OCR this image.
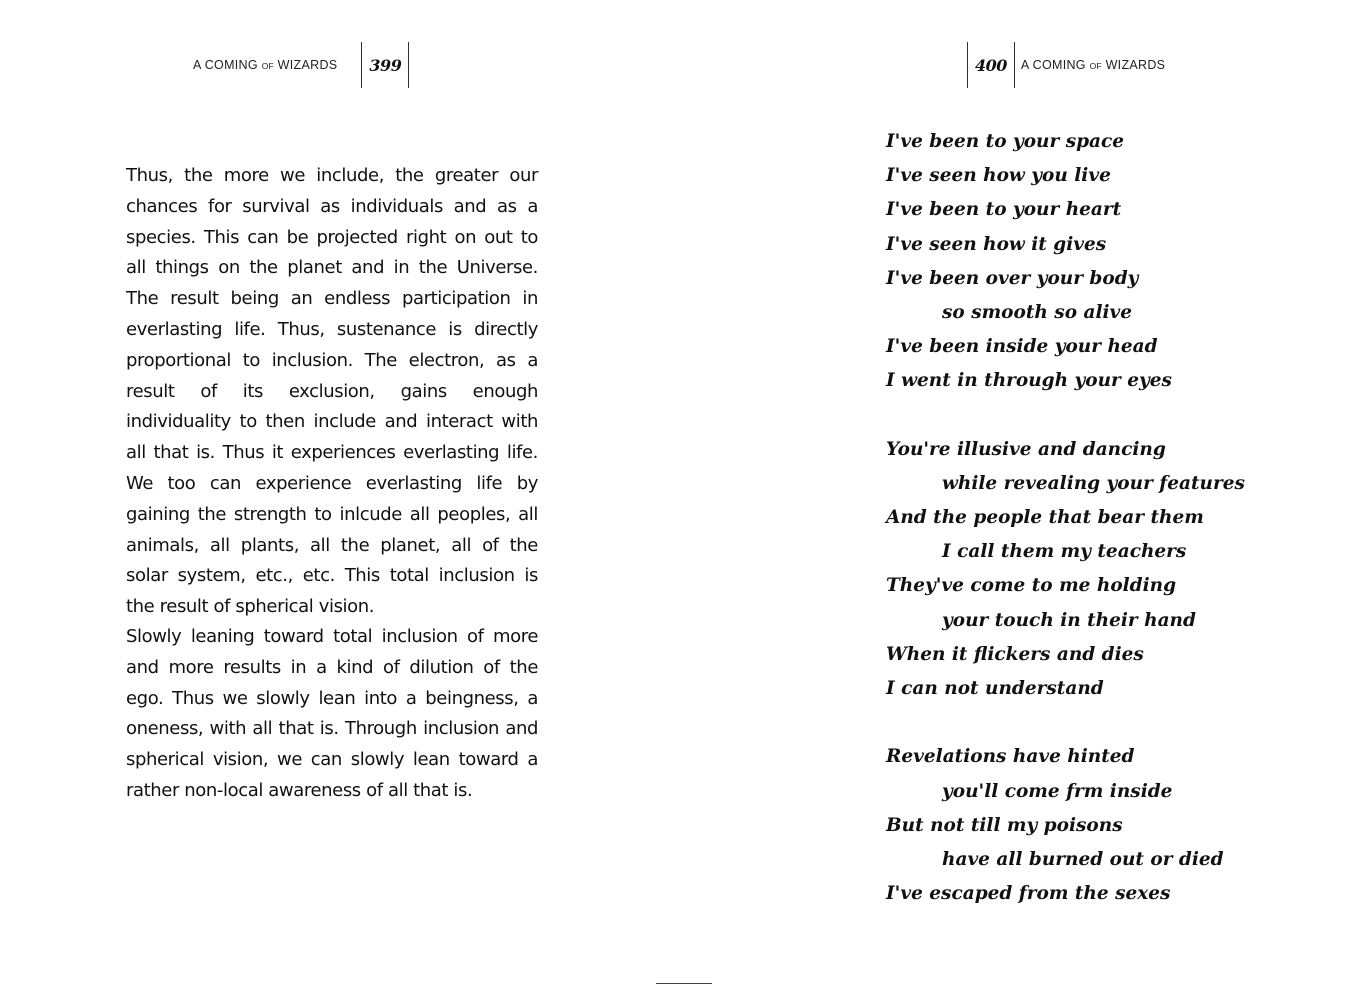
A COMING OF WIZARDS 399	400 A COMING OF WIZARDS

Thus, the more we include, the greater our chances for survival as individuals and as a species. This can be projected right on out to all things on the planet and in the Universe. The result being an endless participation in everlasting life. Thus, sustenance is directly proportional to inclusion. The electron, as a result of its exclusion, gains enough individuality to then include and interact with all that is. Thus it experiences everlasting life. We too can experience everlasting life by gaining the strength to inlcude all peoples, all animals, all plants, all the planet, all of the solar system, etc., etc. This total inclusion is the result of spherical vision.

Slowly leaning toward total inclusion of more and more results in a kind of dilution of the ego. Thus we slowly lean into a beingness, a oneness, with all that is. Through inclusion and spherical vision, we can slowly lean toward a rather non-local awareness of all that is.

I've been to your space
I've seen how you live
I've been to your heart
I've seen how it gives
I've been over your body
so smooth so alive
I've been inside your head
I went in through your eyes
You're illusive and dancing
while revealing your features
And the people that bear them
I call them my teachers
They've come to me holding
your touch in their hand
When it flickers and dies
I can not understand
Revelations have hinted
you'll come frm inside
But not till my poisons
have all burned out or died
I've escaped from the sexes
